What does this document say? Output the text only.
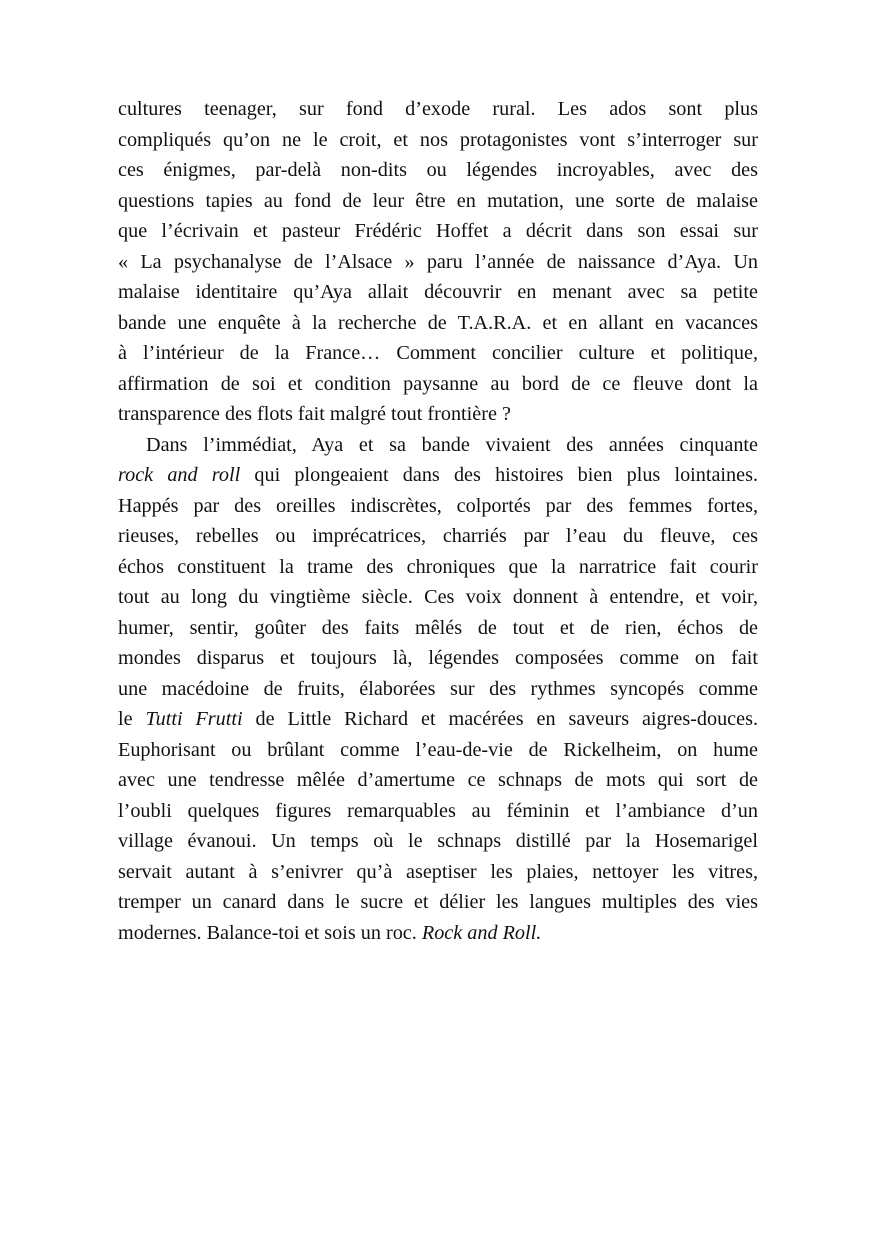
cultures teenager, sur fond d’exode rural. Les ados sont plus
compliqués qu’on ne le croit, et nos protagonistes vont s’interroger sur
ces énigmes, par-delà non-dits ou légendes incroyables, avec des
questions tapies au fond de leur être en mutation, une sorte de malaise
que l’écrivain et pasteur Frédéric Hoffet a décrit dans son essai sur
« La psychanalyse de l’Alsace » paru l’année de naissance d’Aya. Un
malaise identitaire qu’Aya allait découvrir en menant avec sa petite
bande une enquête à la recherche de T.A.R.A. et en allant en vacances
à l’intérieur de la France… Comment concilier culture et politique,
affirmation de soi et condition paysanne au bord de ce fleuve dont la
transparence des flots fait malgré tout frontière ?

Dans l’immédiat, Aya et sa bande vivaient des années cinquante
rock and roll qui plongeaient dans des histoires bien plus lointaines.
Happés par des oreilles indiscrètes, colportés par des femmes fortes,
rieuses, rebelles ou imprécatrices, charriés par l’eau du fleuve, ces
échos constituent la trame des chroniques que la narratrice fait courir
tout au long du vingtième siècle. Ces voix donnent à entendre, et voir,
humer, sentir, goûter des faits mêlés de tout et de rien, échos de
mondes disparus et toujours là, légendes composées comme on fait
une macédoine de fruits, élaborées sur des rythmes syncopés comme
le Tutti Frutti de Little Richard et macérées en saveurs aigres-douces.
Euphorisant ou brûlant comme l’eau-de-vie de Rickelheim, on hume
avec une tendresse mêlée d’amertume ce schnaps de mots qui sort de
l’oubli quelques figures remarquables au féminin et l’ambiance d’un
village évanoui. Un temps où le schnaps distillé par la Hosemarigel
servait autant à s’enivrer qu’à aseptiser les plaies, nettoyer les vitres,
tremper un canard dans le sucre et délier les langues multiples des vies
modernes. Balance-toi et sois un roc. Rock and Roll.
